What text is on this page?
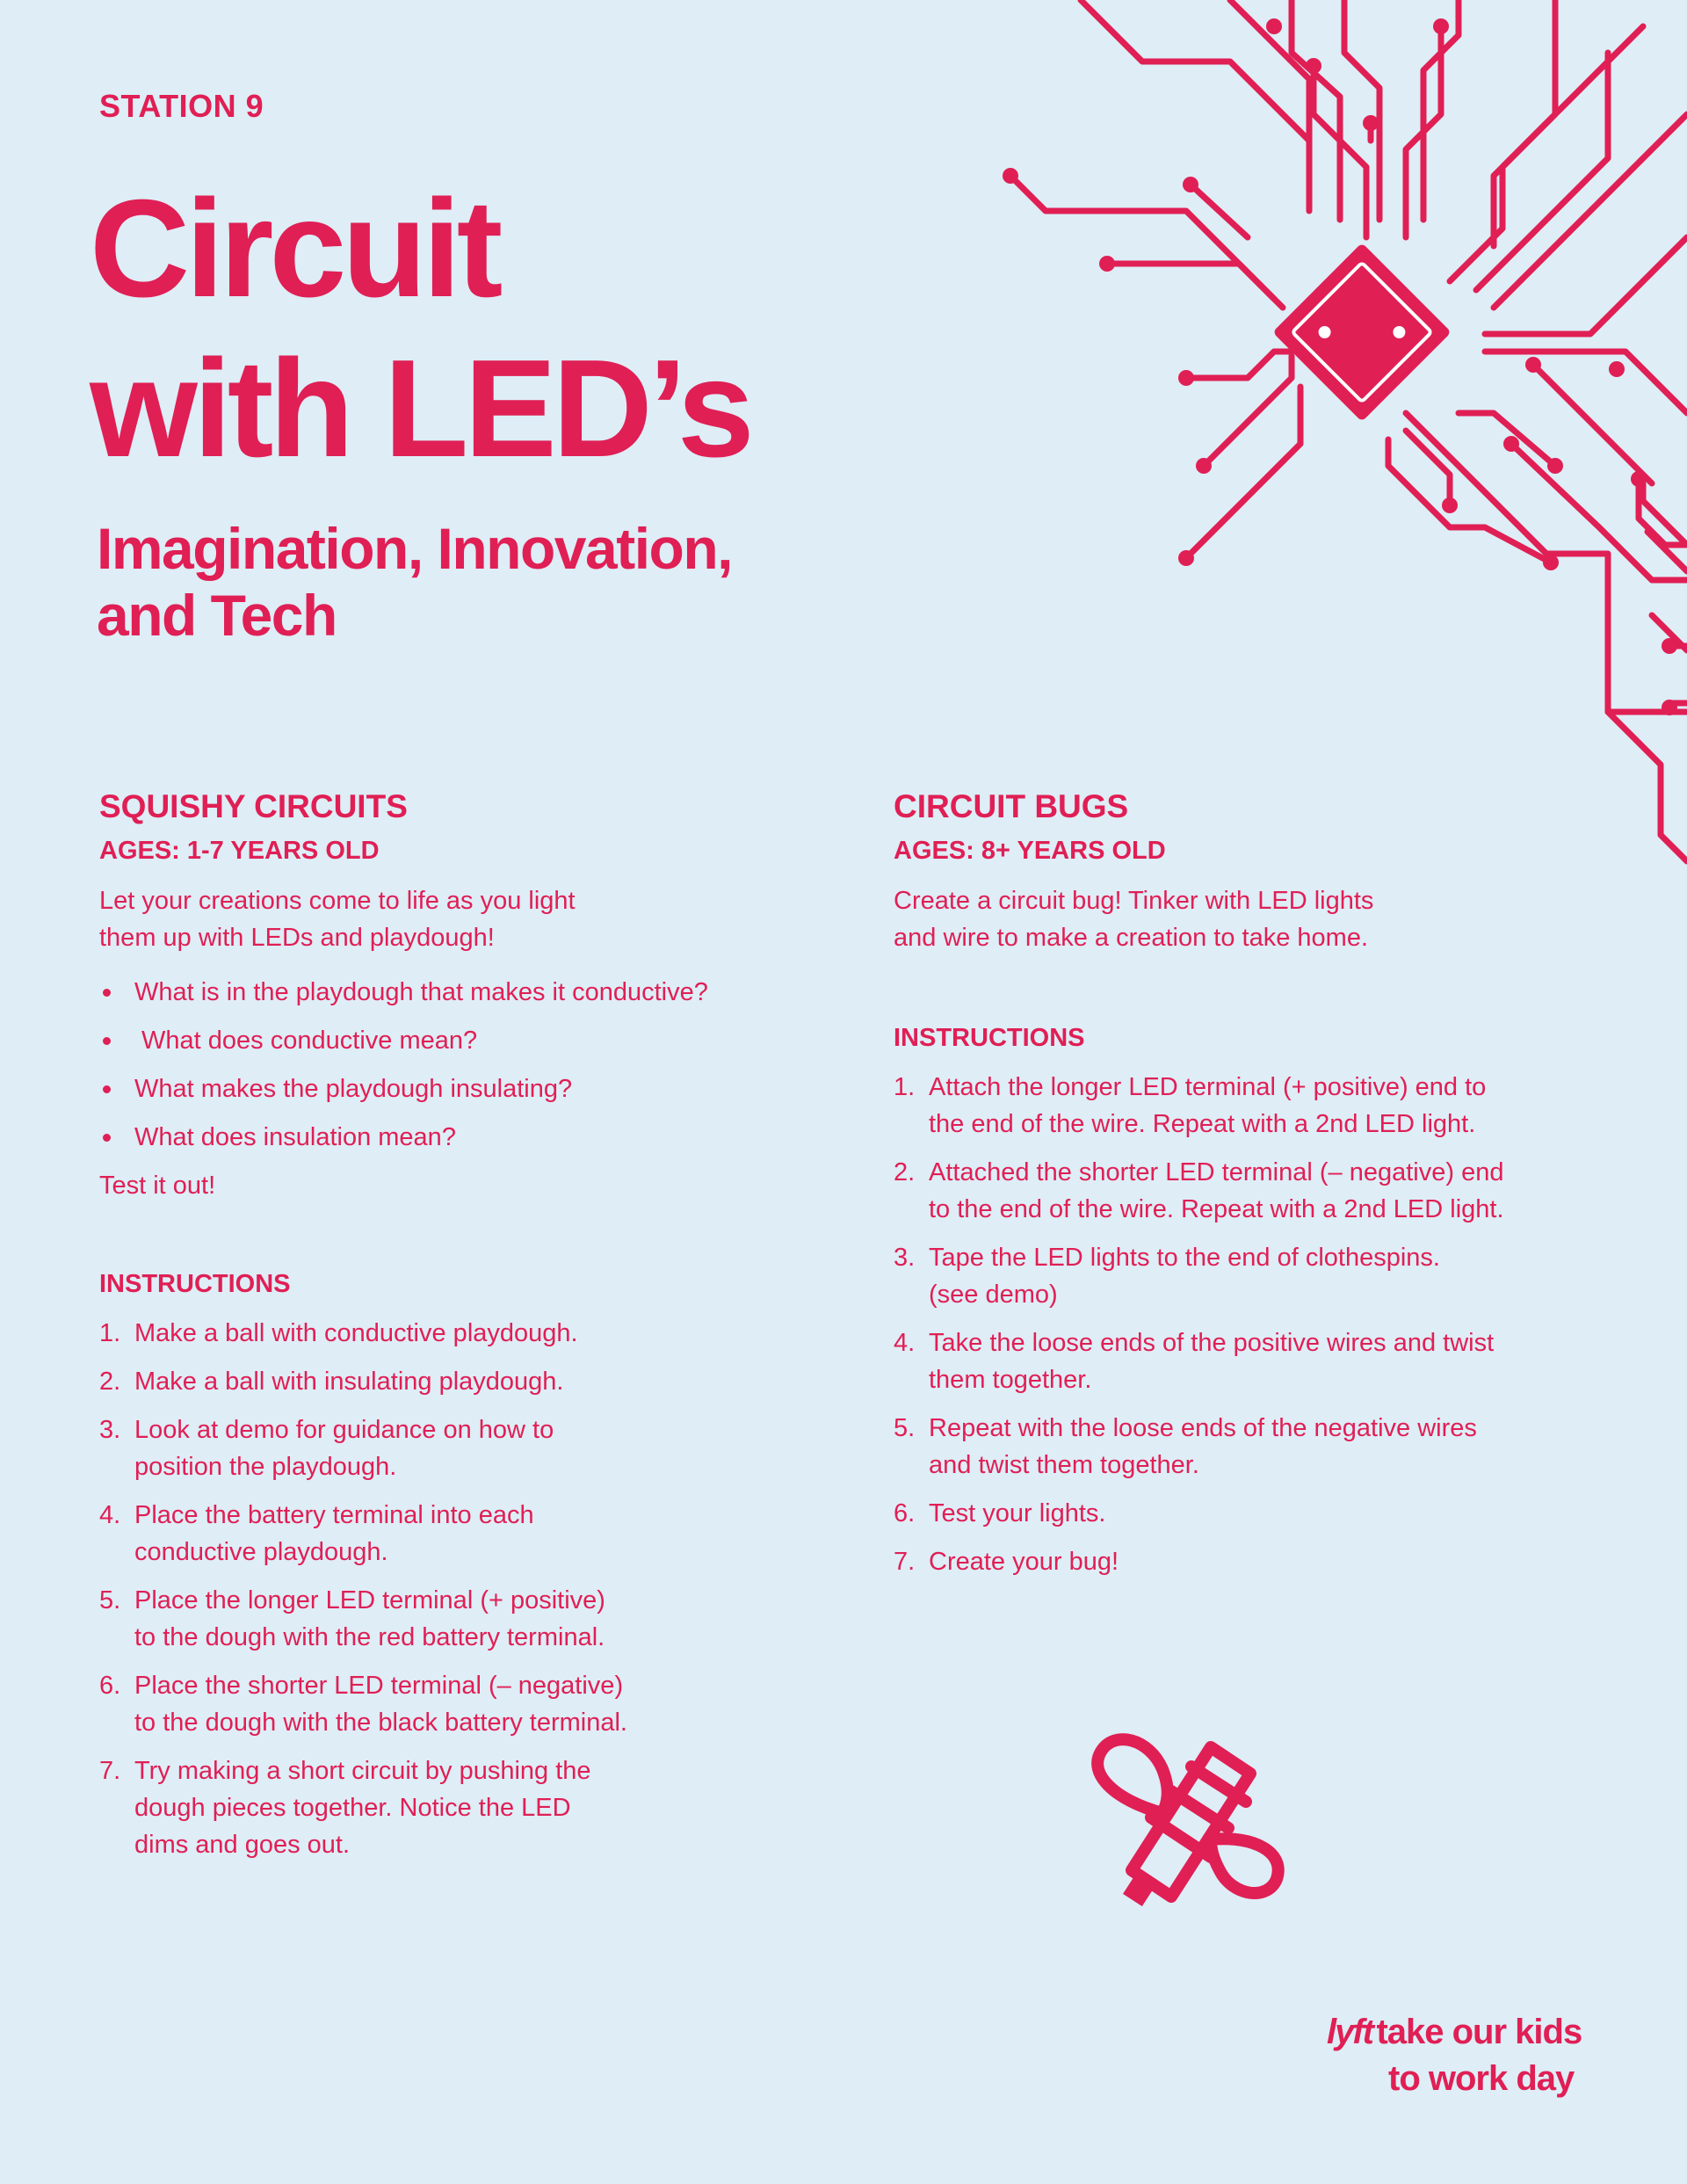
STATION 9
Circuit
with LED’s
Imagination, Innovation,
and Tech
SQUISHY CIRCUITS

AGES: 1-7 YEARS OLD

Let your creations come to life as you light
them up with LEDs and playdough!

What is in the playdough that makes it conductive?
What does conductive mean?
What makes the playdough insulating?
What does insulation mean?

Test it out!

INSTRUCTIONS

1. Make a ball with conductive playdough.
2. Make a ball with insulating playdough.
3. Look at demo for guidance on how to
position the playdough.
4. Place the battery terminal into each
conductive playdough.
5. Place the longer LED terminal (+ positive)
to the dough with the red battery terminal.
6. Place the shorter LED terminal (– negative)
to the dough with the black battery terminal.
7. Try making a short circuit by pushing the
dough pieces together. Notice the LED
dims and goes out.
CIRCUIT BUGS

AGES: 8+ YEARS OLD

Create a circuit bug! Tinker with LED lights
and wire to make a creation to take home.

INSTRUCTIONS

1. Attach the longer LED terminal (+ positive) end to
the end of the wire. Repeat with a 2nd LED light.
2. Attached the shorter LED terminal (– negative) end
to the end of the wire. Repeat with a 2nd LED light.
3. Tape the LED lights to the end of clothespins.
(see demo)
4. Take the loose ends of the positive wires and twist
them together.
5. Repeat with the loose ends of the negative wires
and twist them together.
6. Test your lights.
7. Create your bug!
lyft take our kids
to work day
